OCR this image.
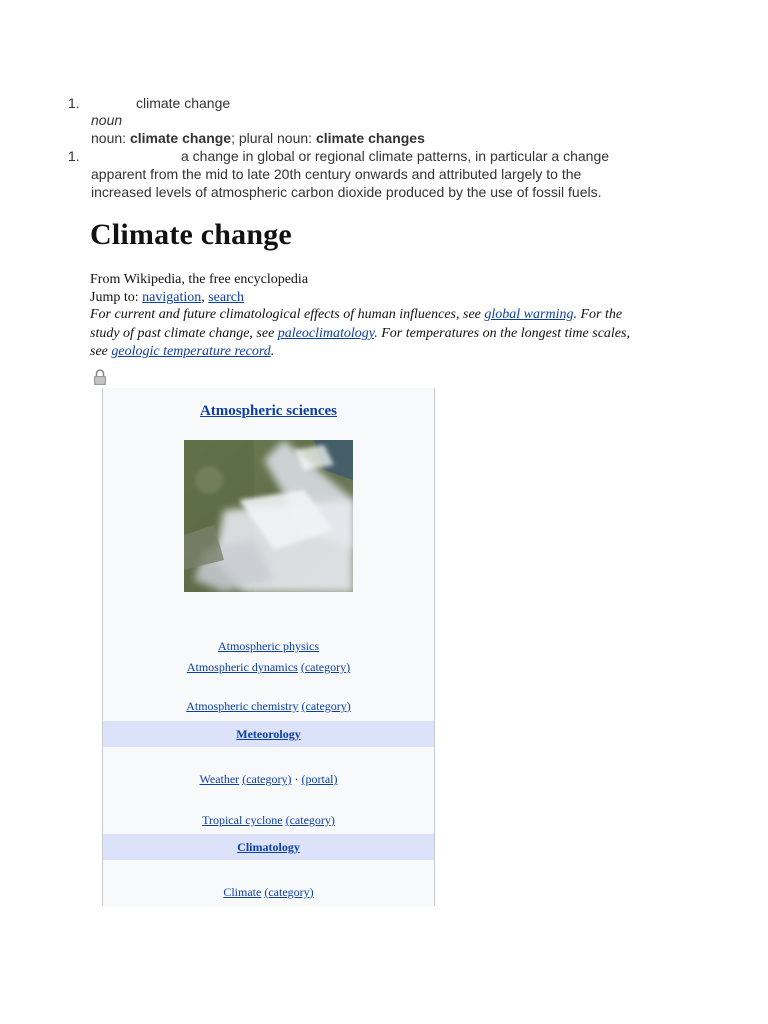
1.	climate change
noun
noun: climate change; plural noun: climate changes
1.	a change in global or regional climate patterns, in particular a change
apparent from the mid to late 20th century onwards and attributed largely to the
increased levels of atmospheric carbon dioxide produced by the use of fossil fuels.
Climate change
From Wikipedia, the free encyclopedia
Jump to: navigation, search
For current and future climatological effects of human influences, see global warming. For the
study of past climate change, see paleoclimatology. For temperatures on the longest time scales,
see geologic temperature record.
Atmospheric sciences
Atmospheric physics
Atmospheric dynamics (category)
Atmospheric chemistry (category)
Meteorology
Weather (category) · (portal)
Tropical cyclone (category)
Climatology
Climate (category)
